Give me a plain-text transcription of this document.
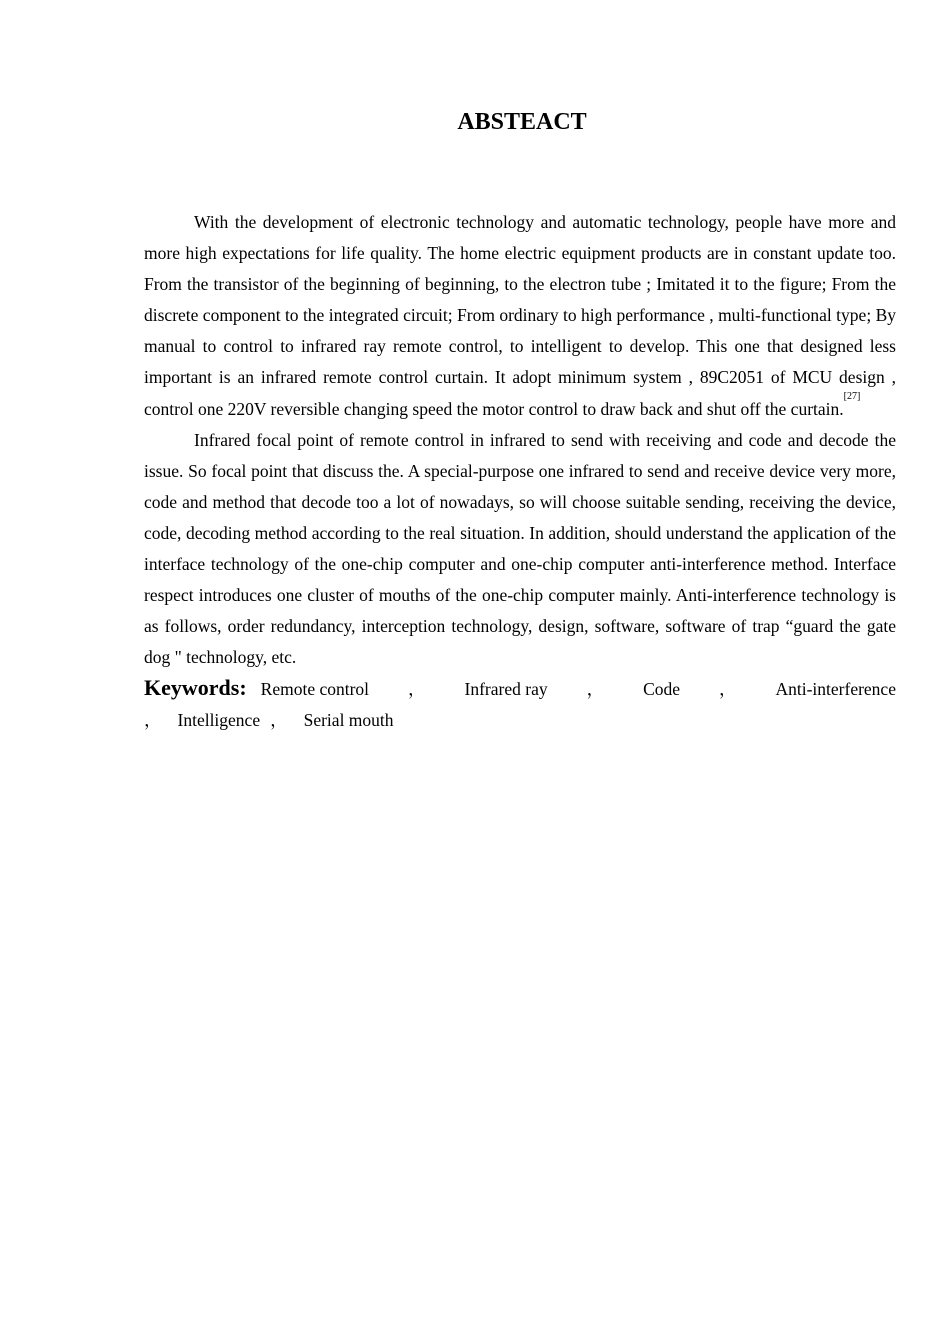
ABSTEACT

With the development of electronic technology and automatic technology, people have more and more high expectations for life quality. The home electric equipment products are in constant update too. From the transistor of the beginning of beginning, to the electron tube ; Imitated it to the figure; From the discrete component to the integrated circuit; From ordinary to high performance , multi-functional type; By manual to control to infrared ray remote control, to intelligent to develop. This one that designed less important is an infrared remote control curtain. It adopt minimum system , 89C2051 of MCU design , control one 220V reversible changing speed the motor control to draw back and shut off the curtain.[27]

Infrared focal point of remote control in infrared to send with receiving and code and decode the issue. So focal point that discuss the. A special-purpose one infrared to send and receive device very more, code and method that decode too a lot of nowadays, so will choose suitable sending, receiving the device, code, decoding method according to the real situation. In addition, should understand the application of the interface technology of the one-chip computer and one-chip computer anti-interference method. Interface respect introduces one cluster of mouths of the one-chip computer mainly. Anti-interference technology is as follows, order redundancy, interception technology, design, software, software of trap “guard the gate dog " technology, etc.

Keywords: Remote control ， Infrared ray ， Code ， Anti-interference
， Intelligence ， Serial mouth
